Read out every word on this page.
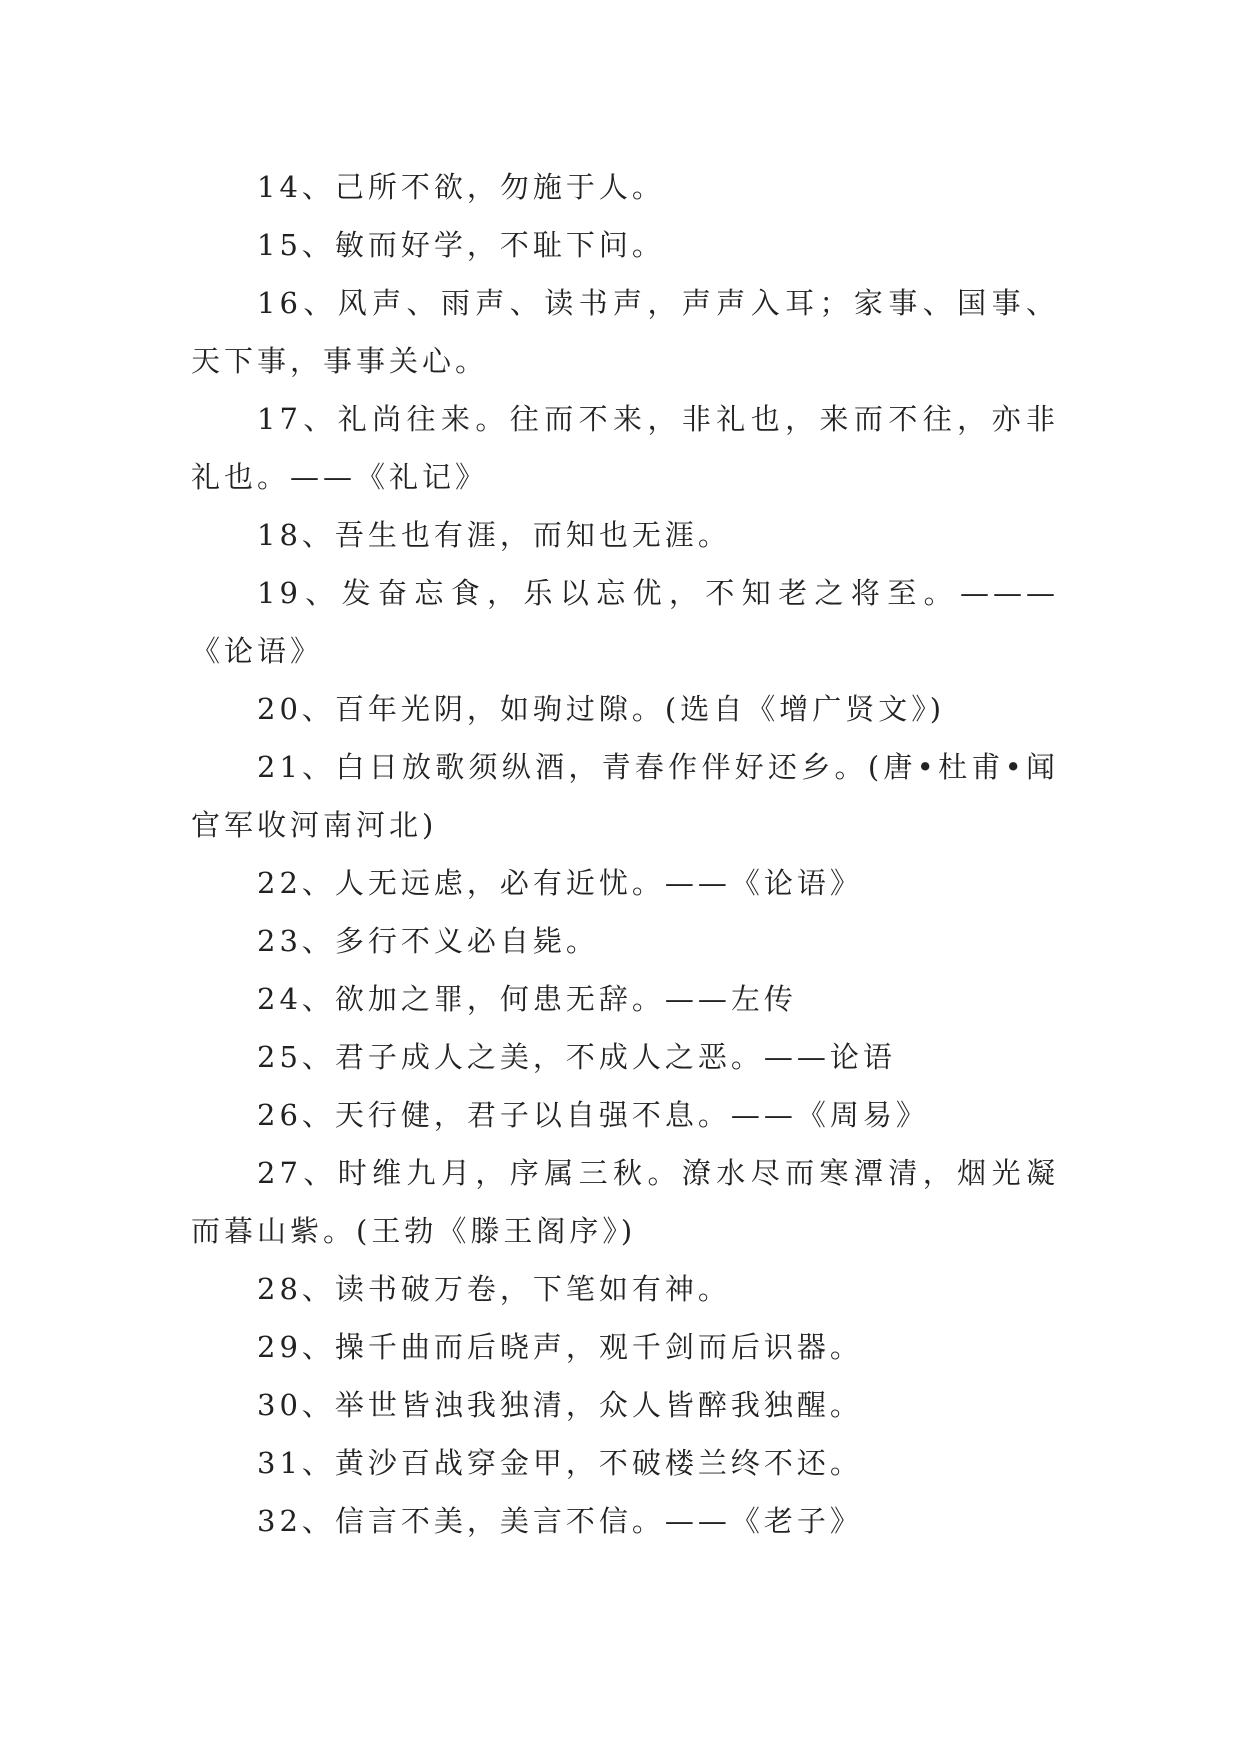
14、己所不欲，勿施于人。

15、敏而好学，不耻下问。

16、风声、雨声、读书声，声声入耳；家事、国事、天下事，事事关心。

17、礼尚往来。往而不来，非礼也，来而不往，亦非礼也。——《礼记》

18、吾生也有涯，而知也无涯。

19、发奋忘食，乐以忘优，不知老之将至。———《论语》

20、百年光阴，如驹过隙。(选自《增广贤文》)

21、白日放歌须纵酒，青春作伴好还乡。(唐•杜甫•闻官军收河南河北)

22、人无远虑，必有近忧。——《论语》

23、多行不义必自毙。

24、欲加之罪，何患无辞。——左传

25、君子成人之美，不成人之恶。——论语

26、天行健，君子以自强不息。——《周易》

27、时维九月，序属三秋。潦水尽而寒潭清，烟光凝而暮山紫。(王勃《滕王阁序》)

28、读书破万卷，下笔如有神。

29、操千曲而后晓声，观千剑而后识器。

30、举世皆浊我独清，众人皆醉我独醒。

31、黄沙百战穿金甲，不破楼兰终不还。

32、信言不美，美言不信。——《老子》
